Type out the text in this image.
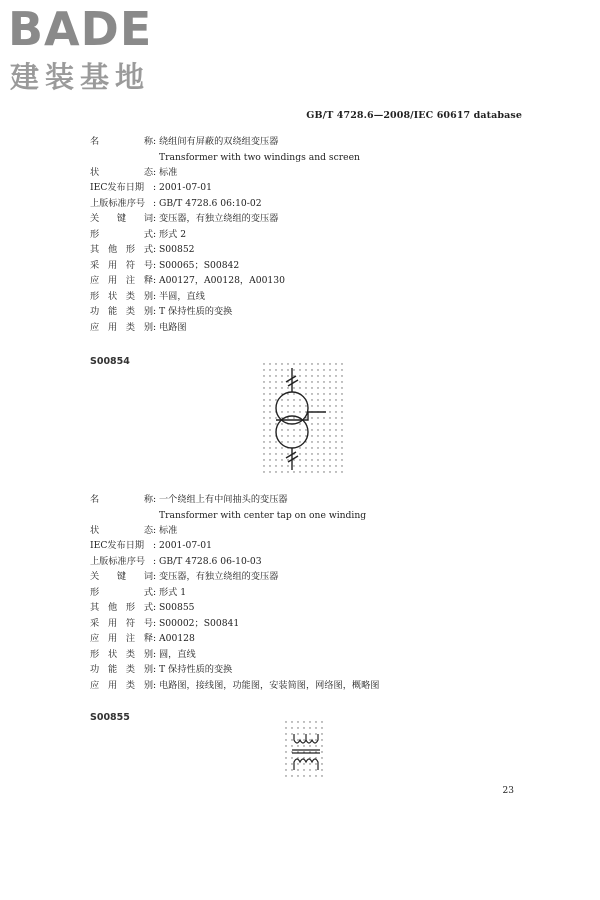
BADE
建装基地
GB/T 4728.6—2008/IEC 60617 database
名	称 : 绕组间有屏蔽的双绕组变压器
Transformer with two windings and screen
状	态 : 标准
IEC发布日期 : 2001-07-01
上版标准序号 : GB/T 4728.6 06:10-02
关 键 词 : 变压器，有独立绕组的变压器
形	式 : 形式 2
其 他 形 式 : S00852
采 用 符 号 : S00065；S00842
应 用 注 释 : A00127，A00128，A00130
形 状 类 别 : 半圆，直线
功 能 类 别 : T 保持性质的变换
应 用 类 别 : 电路图
S00854
名	称 : 一个绕组上有中间抽头的变压器
Transformer with center tap on one winding
状	态 : 标准
IEC发布日期 : 2001-07-01
上版标准序号 : GB/T 4728.6 06-10-03
关 键 词 : 变压器，有独立绕组的变压器
形	式 : 形式 1
其 他 形 式 : S00855
采 用 符 号 : S00002；S00841
应 用 注 释 : A00128
形 状 类 别 : 圆，直线
功 能 类 别 : T 保持性质的变换
应 用 类 别 : 电路图，接线图，功能图，安装简图，网络图，概略图
S00855
23
